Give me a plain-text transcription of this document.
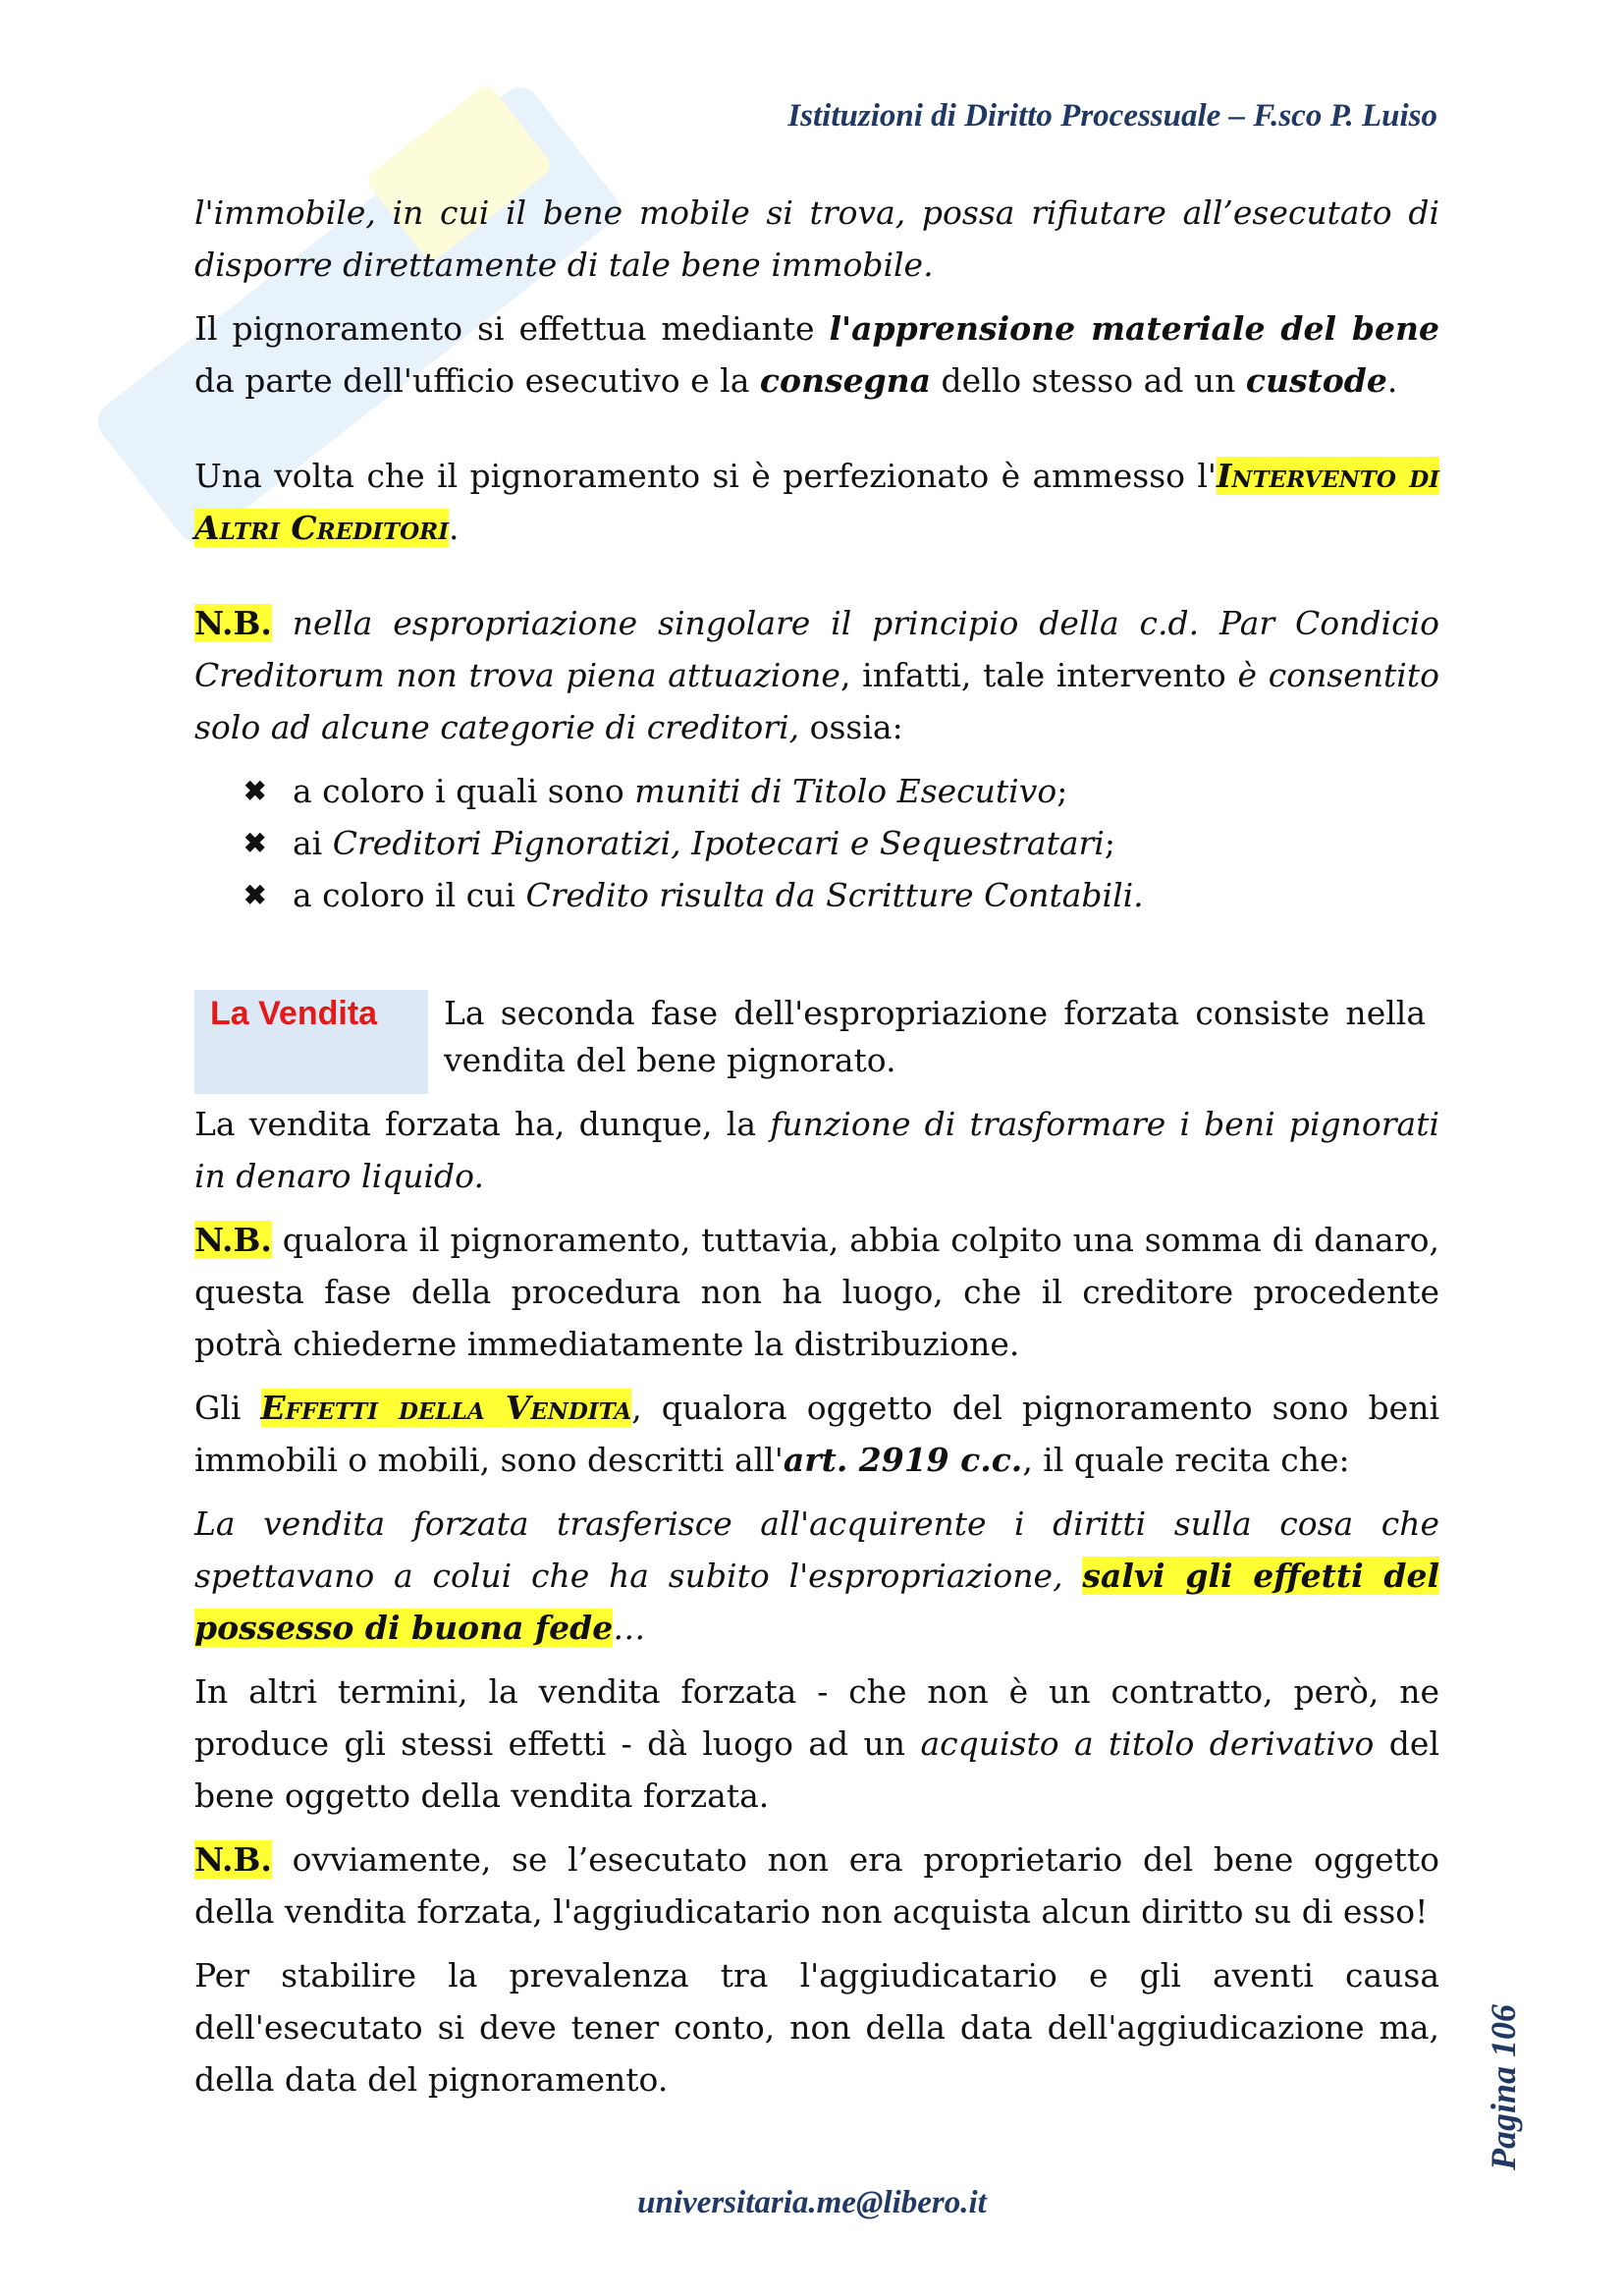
Istituzioni di Diritto Processuale – F.sco P. Luiso

l'immobile, in cui il bene mobile si trova, possa rifiutare all’esecutato di disporre direttamente di tale bene immobile.

Il pignoramento si effettua mediante l'apprensione materiale del bene da parte dell'ufficio esecutivo e la consegna dello stesso ad un custode.

Una volta che il pignoramento si è perfezionato è ammesso l'Intervento di Altri Creditori.

N.B. nella espropriazione singolare il principio della c.d. Par Condicio Creditorum non trova piena attuazione, infatti, tale intervento è consentito solo ad alcune categorie di creditori, ossia:

✖ a coloro i quali sono muniti di Titolo Esecutivo;
✖ ai Creditori Pignoratizi, Ipotecari e Sequestratari;
✖ a coloro il cui Credito risulta da Scritture Contabili.
La Vendita	La seconda fase dell'espropriazione forzata consiste nella vendita del bene pignorato.

La vendita forzata ha, dunque, la funzione di trasformare i beni pignorati in denaro liquido.

N.B. qualora il pignoramento, tuttavia, abbia colpito una somma di danaro, questa fase della procedura non ha luogo, che il creditore procedente potrà chiederne immediatamente la distribuzione.

Gli Effetti della Vendita, qualora oggetto del pignoramento sono beni immobili o mobili, sono descritti all'art. 2919 c.c., il quale recita che:

La vendita forzata trasferisce all'acquirente i diritti sulla cosa che spettavano a colui che ha subito l'espropriazione, salvi gli effetti del possesso di buona fede…

In altri termini, la vendita forzata - che non è un contratto, però, ne produce gli stessi effetti - dà luogo ad un acquisto a titolo derivativo del bene oggetto della vendita forzata.

N.B. ovviamente, se l’esecutato non era proprietario del bene oggetto della vendita forzata, l'aggiudicatario non acquista alcun diritto su di esso!

Per stabilire la prevalenza tra l'aggiudicatario e gli aventi causa dell'esecutato si deve tener conto, non della data dell'aggiudicazione ma, della data del pignoramento.	Pagina 106
universitaria.me@libero.it
